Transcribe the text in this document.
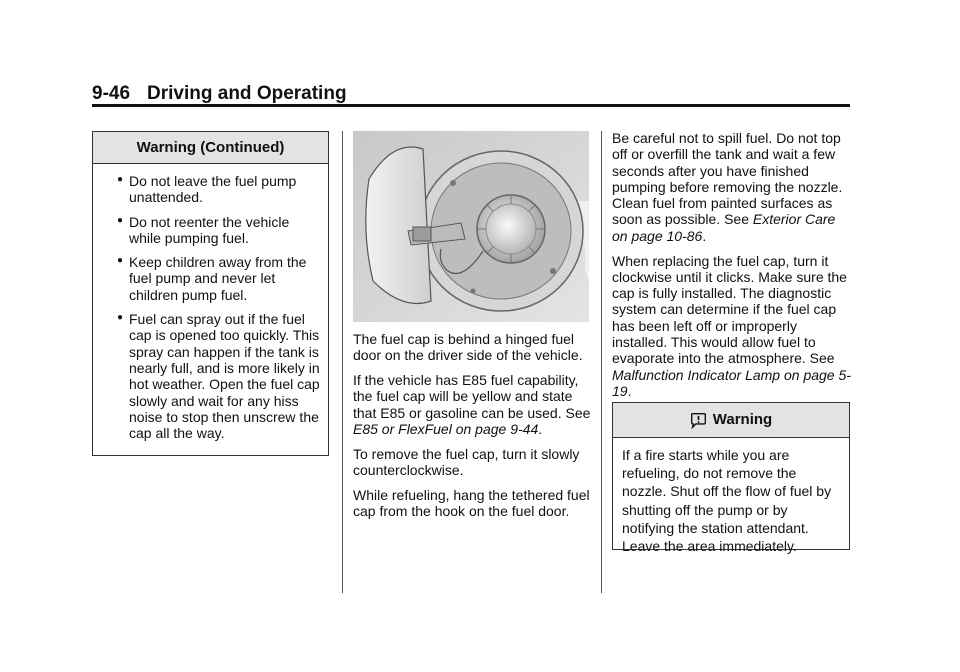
9-46 Driving and Operating
Warning (Continued)
● Do not leave the fuel pump unattended.
● Do not reenter the vehicle while pumping fuel.
● Keep children away from the fuel pump and never let children pump fuel.
● Fuel can spray out if the fuel cap is opened too quickly. This spray can happen if the tank is nearly full, and is more likely in hot weather. Open the fuel cap slowly and wait for any hiss noise to stop then unscrew the cap all the way.

The fuel cap is behind a hinged fuel door on the driver side of the vehicle.

If the vehicle has E85 fuel capability, the fuel cap will be yellow and state that E85 or gasoline can be used. See E85 or FlexFuel on page 9-44.

To remove the fuel cap, turn it slowly counterclockwise.

While refueling, hang the tethered fuel cap from the hook on the fuel door.

Be careful not to spill fuel. Do not top off or overfill the tank and wait a few seconds after you have finished pumping before removing the nozzle. Clean fuel from painted surfaces as soon as possible. See Exterior Care on page 10-86.

When replacing the fuel cap, turn it clockwise until it clicks. Make sure the cap is fully installed. The diagnostic system can determine if the fuel cap has been left off or improperly installed. This would allow fuel to evaporate into the atmosphere. See Malfunction Indicator Lamp on page 5-19.

Warning
If a fire starts while you are refueling, do not remove the nozzle. Shut off the flow of fuel by shutting off the pump or by notifying the station attendant. Leave the area immediately.
